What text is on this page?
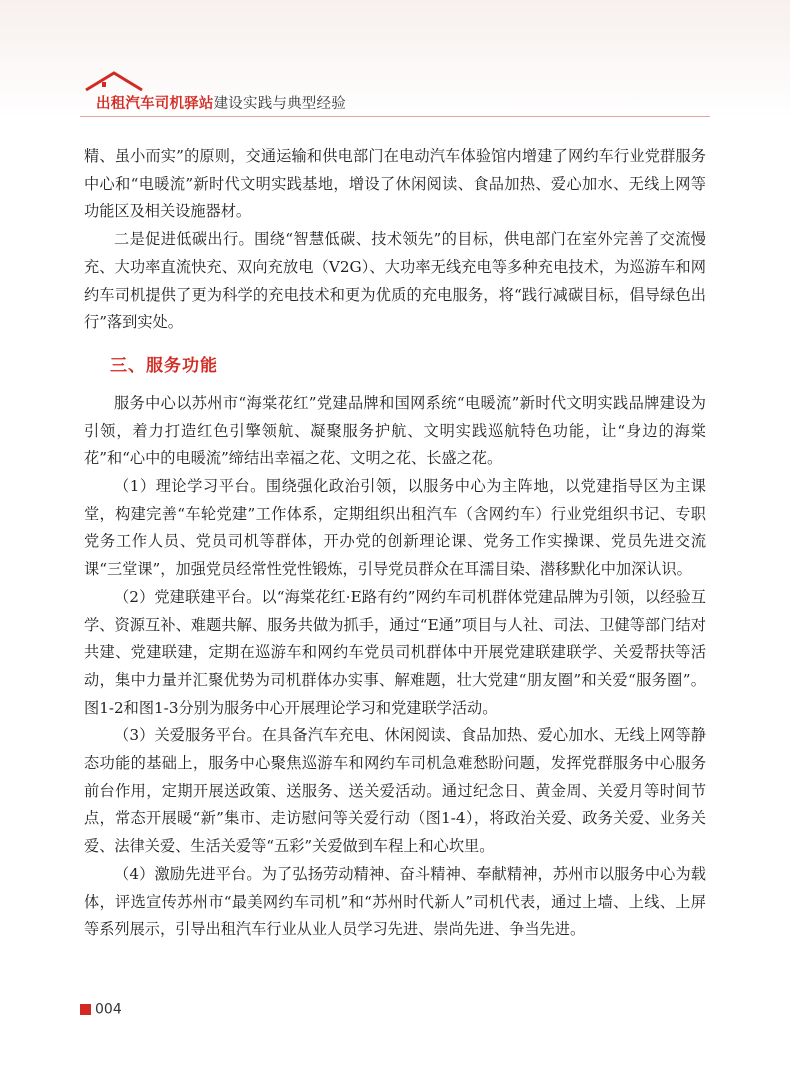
出租汽车司机驿站建设实践与典型经验

精、虽小而实”的原则，交通运输和供电部门在电动汽车体验馆内增建了网约车行业党群服务中心和“电暖流”新时代文明实践基地，增设了休闲阅读、食品加热、爱心加水、无线上网等功能区及相关设施器材。

二是促进低碳出行。围绕“智慧低碳、技术领先”的目标，供电部门在室外完善了交流慢充、大功率直流快充、双向充放电（V2G）、大功率无线充电等多种充电技术，为巡游车和网约车司机提供了更为科学的充电技术和更为优质的充电服务，将“践行减碳目标，倡导绿色出行”落到实处。

三、服务功能

服务中心以苏州市“海棠花红”党建品牌和国网系统“电暖流”新时代文明实践品牌建设为引领，着力打造红色引擎领航、凝聚服务护航、文明实践巡航特色功能，让“身边的海棠花”和“心中的电暖流”缔结出幸福之花、文明之花、长盛之花。

（1）理论学习平台。围绕强化政治引领，以服务中心为主阵地，以党建指导区为主课堂，构建完善“车轮党建”工作体系，定期组织出租汽车（含网约车）行业党组织书记、专职党务工作人员、党员司机等群体，开办党的创新理论课、党务工作实操课、党员先进交流课“三堂课”，加强党员经常性党性锻炼，引导党员群众在耳濡目染、潜移默化中加深认识。

（2）党建联建平台。以“海棠花红·E路有约”网约车司机群体党建品牌为引领，以经验互学、资源互补、难题共解、服务共做为抓手，通过“E通”项目与人社、司法、卫健等部门结对共建、党建联建，定期在巡游车和网约车党员司机群体中开展党建联建联学、关爱帮扶等活动，集中力量并汇聚优势为司机群体办实事、解难题，壮大党建“朋友圈”和关爱“服务圈”。图1-2和图1-3分别为服务中心开展理论学习和党建联学活动。

（3）关爱服务平台。在具备汽车充电、休闲阅读、食品加热、爱心加水、无线上网等静态功能的基础上，服务中心聚焦巡游车和网约车司机急难愁盼问题，发挥党群服务中心服务前台作用，定期开展送政策、送服务、送关爱活动。通过纪念日、黄金周、关爱月等时间节点，常态开展暖“新”集市、走访慰问等关爱行动（图1-4），将政治关爱、政务关爱、业务关爱、法律关爱、生活关爱等“五彩”关爱做到车程上和心坎里。

（4）激励先进平台。为了弘扬劳动精神、奋斗精神、奉献精神，苏州市以服务中心为载体，评选宣传苏州市“最美网约车司机”和“苏州时代新人”司机代表，通过上墙、上线、上屏等系列展示，引导出租汽车行业从业人员学习先进、崇尚先进、争当先进。

004
